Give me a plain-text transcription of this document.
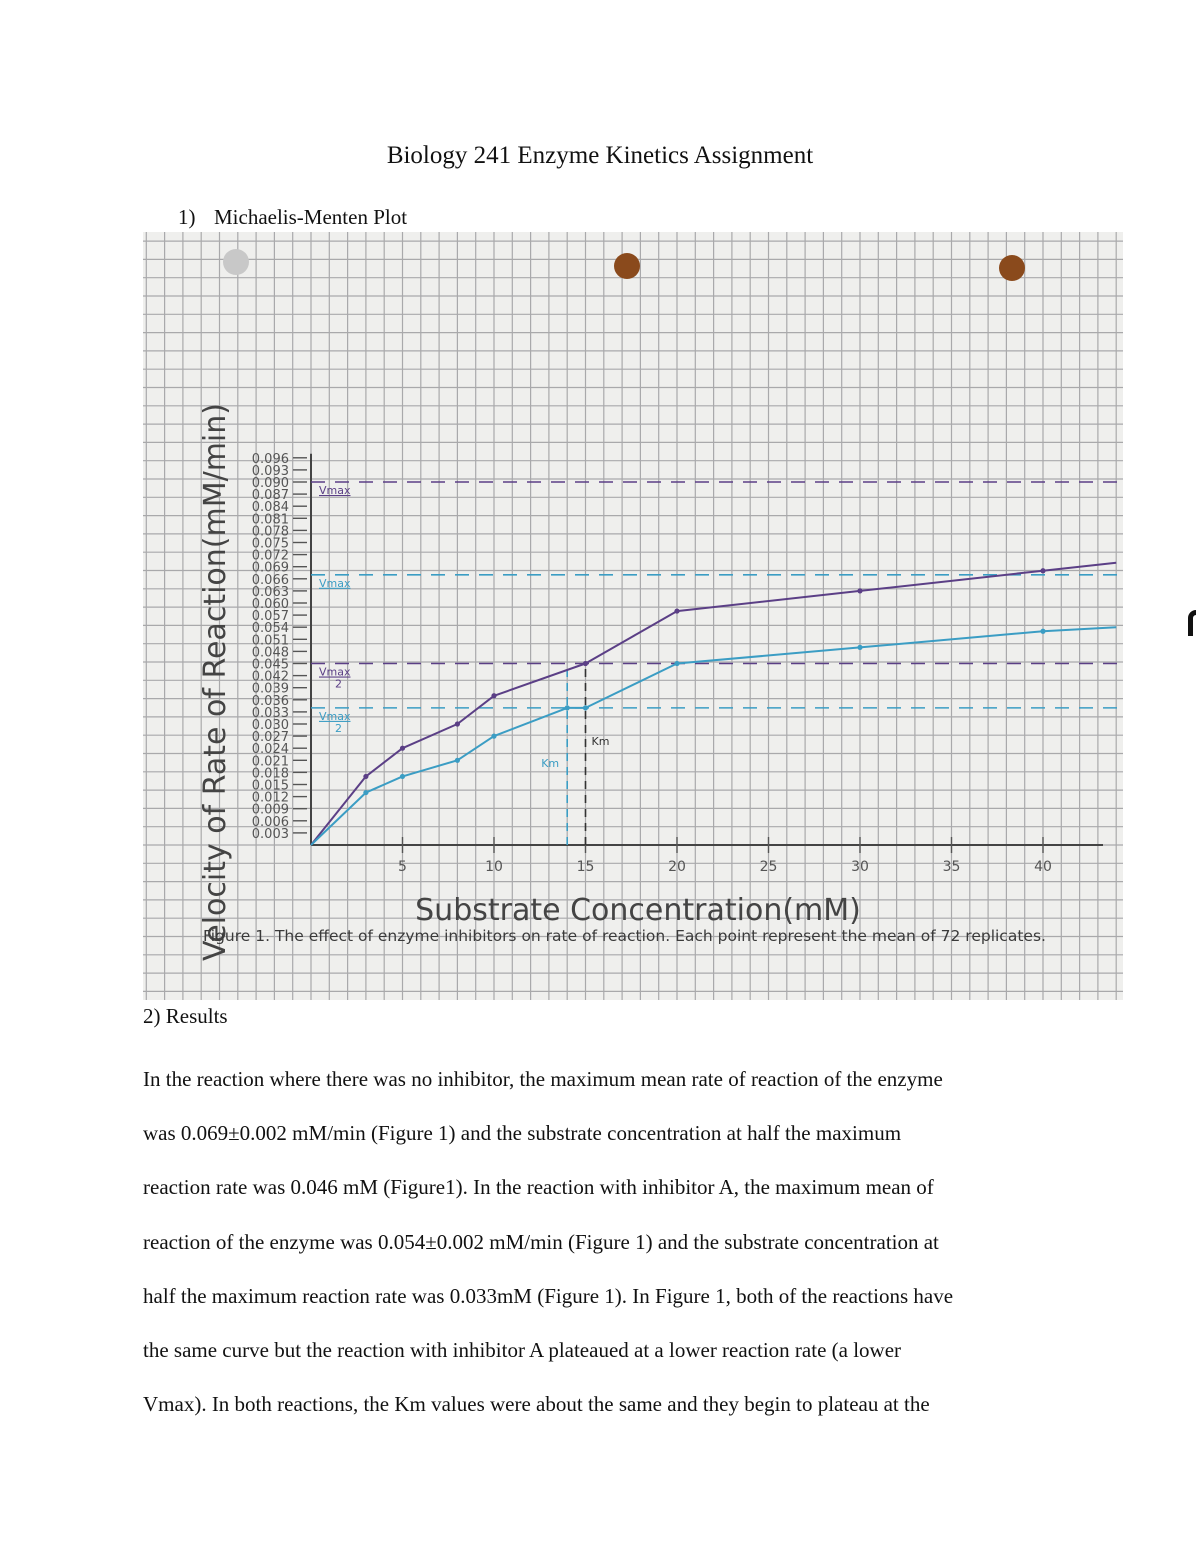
Biology 241 Enzyme Kinetics Assignment
1) Michaelis-Menten Plot
0.096
0.093
0.090
0.087
0.084
0.081
0.078
0.075
0.072
0.069
0.066
0.063
0.060
0.057
0.054
0.051
0.048
0.045
0.042
0.039
0.036
0.033
0.030
0.027
0.024
0.021
0.018
0.015
0.012
0.009
0.006
0.003
5	10	15	20	25	30	35	40
Vmax
Vmax
Vmax
2
Vmax
2
Km
Km
Velocity of Rate of Reaction(mM/min)	Substrate Concentration(mM)
Figure 1. The effect of enzyme inhibitors on rate of reaction. Each point represent the mean of 72 replicates.
2) Results

In the reaction where there was no inhibitor, the maximum mean rate of reaction of the enzyme
was 0.069±0.002 mM/min (Figure 1) and the substrate concentration at half the maximum
reaction rate was 0.046 mM (Figure1). In the reaction with inhibitor A, the maximum mean of
reaction of the enzyme was 0.054±0.002 mM/min (Figure 1) and the substrate concentration at
half the maximum reaction rate was 0.033mM (Figure 1). In Figure 1, both of the reactions have
the same curve but the reaction with inhibitor A plateaued at a lower reaction rate (a lower
Vmax). In both reactions, the Km values were about the same and they begin to plateau at the
